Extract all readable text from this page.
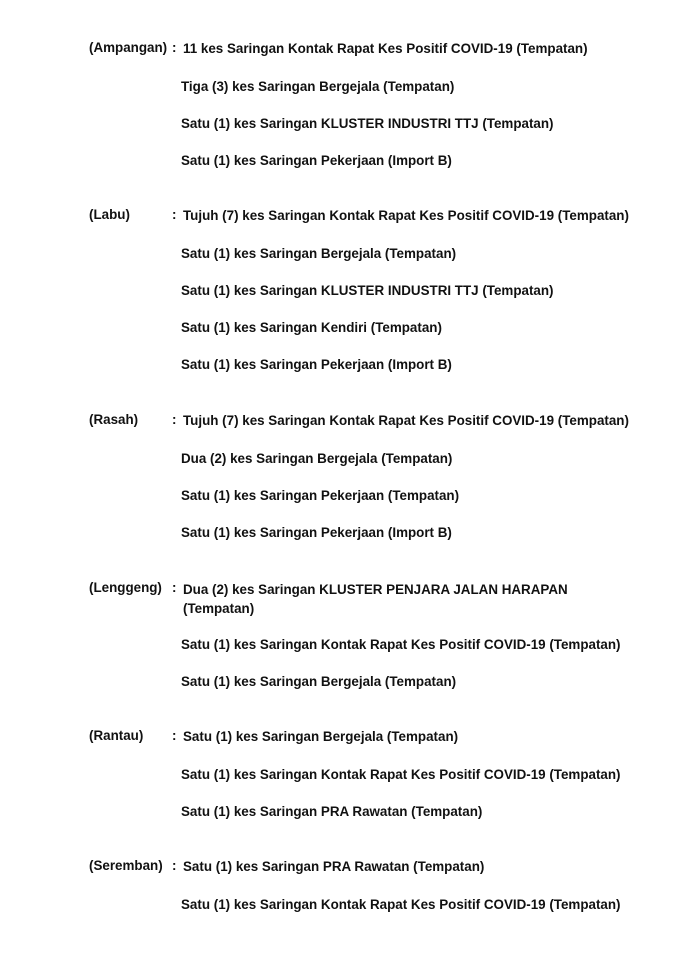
(Ampangan) : 11 kes Saringan Kontak Rapat Kes Positif COVID-19 (Tempatan)
Tiga (3) kes Saringan Bergejala (Tempatan)
Satu (1) kes Saringan KLUSTER INDUSTRI TTJ (Tempatan)
Satu (1) kes Saringan Pekerjaan (Import B)
(Labu)	: Tujuh (7) kes Saringan Kontak Rapat Kes Positif COVID-19 (Tempatan)
Satu (1) kes Saringan Bergejala (Tempatan)
Satu (1) kes Saringan KLUSTER INDUSTRI TTJ (Tempatan)
Satu (1) kes Saringan Kendiri (Tempatan)
Satu (1) kes Saringan Pekerjaan (Import B)
(Rasah)	: Tujuh (7) kes Saringan Kontak Rapat Kes Positif COVID-19 (Tempatan)
Dua (2) kes Saringan Bergejala (Tempatan)
Satu (1) kes Saringan Pekerjaan (Tempatan)
Satu (1) kes Saringan Pekerjaan (Import B)
(Lenggeng) : Dua (2) kes Saringan KLUSTER PENJARA JALAN HARAPAN (Tempatan)
Satu (1) kes Saringan Kontak Rapat Kes Positif COVID-19 (Tempatan)
Satu (1) kes Saringan Bergejala (Tempatan)
(Rantau) : Satu (1) kes Saringan Bergejala (Tempatan)
Satu (1) kes Saringan Kontak Rapat Kes Positif COVID-19 (Tempatan)
Satu (1) kes Saringan PRA Rawatan (Tempatan)
(Seremban) : Satu (1) kes Saringan PRA Rawatan (Tempatan)
Satu (1) kes Saringan Kontak Rapat Kes Positif COVID-19 (Tempatan)
